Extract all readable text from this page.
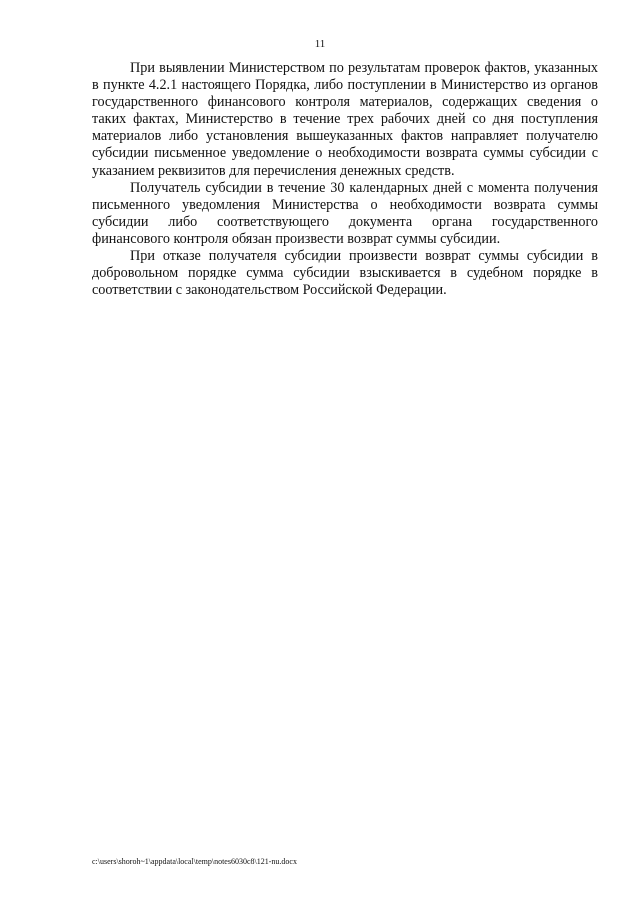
11

При выявлении Министерством по результатам проверок фактов, указанных в пункте 4.2.1 настоящего Порядка, либо поступлении в Министерство из органов государственного финансового контроля материалов, содержащих сведения о таких фактах, Министерство в течение трех рабочих дней со дня поступления материалов либо установления вышеуказанных фактов направляет получателю субсидии письменное уведомление о необходимости возврата суммы субсидии с указанием реквизитов для перечисления денежных средств.

Получатель субсидии в течение 30 календарных дней с момента получения письменного уведомления Министерства о необходимости возврата суммы субсидии либо соответствующего документа органа государственного финансового контроля обязан произвести возврат суммы субсидии.

При отказе получателя субсидии произвести возврат суммы субсидии в добровольном порядке сумма субсидии взыскивается в судебном порядке в соответствии с законодательством Российской Федерации.

c:\users\shoroh~1\appdata\local\temp\notes6030c8\121-nu.docx
